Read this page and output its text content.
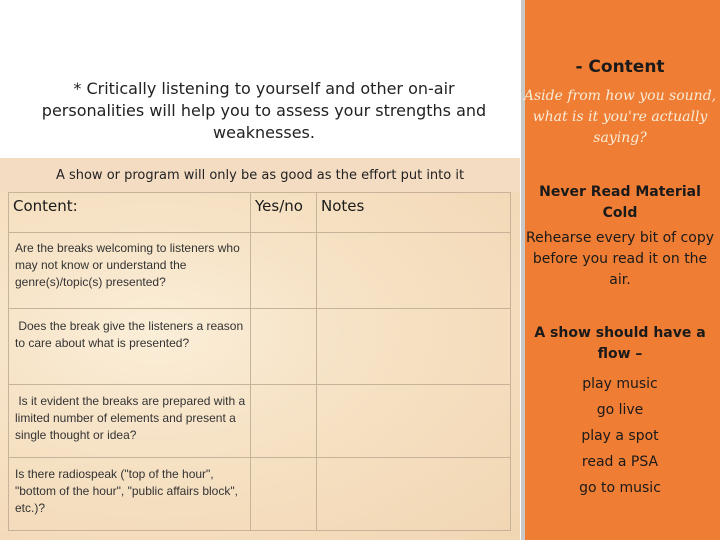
* Critically listening to yourself and other on-air personalities will help you to assess your strengths and weaknesses.
A show or program will only be as good as the effort put into it
Content:	Yes/no	Notes

Are the breaks welcoming to listeners who may not know or understand the genre(s)/topic(s) presented?		

Does the break give the listeners a reason to care about what is presented?		

Is it evident the breaks are prepared with a limited number of elements and present a single thought or idea?		

Is there radiospeak ("top of the hour", "bottom of the hour", "public affairs block", etc.)?		

- Content
Aside from how you sound, what is it you're actually saying?
Never Read Material Cold
Rehearse every bit of copy before you read it on the air.
A show should have a flow –
play music
go live
play a spot
read a PSA
go to music
